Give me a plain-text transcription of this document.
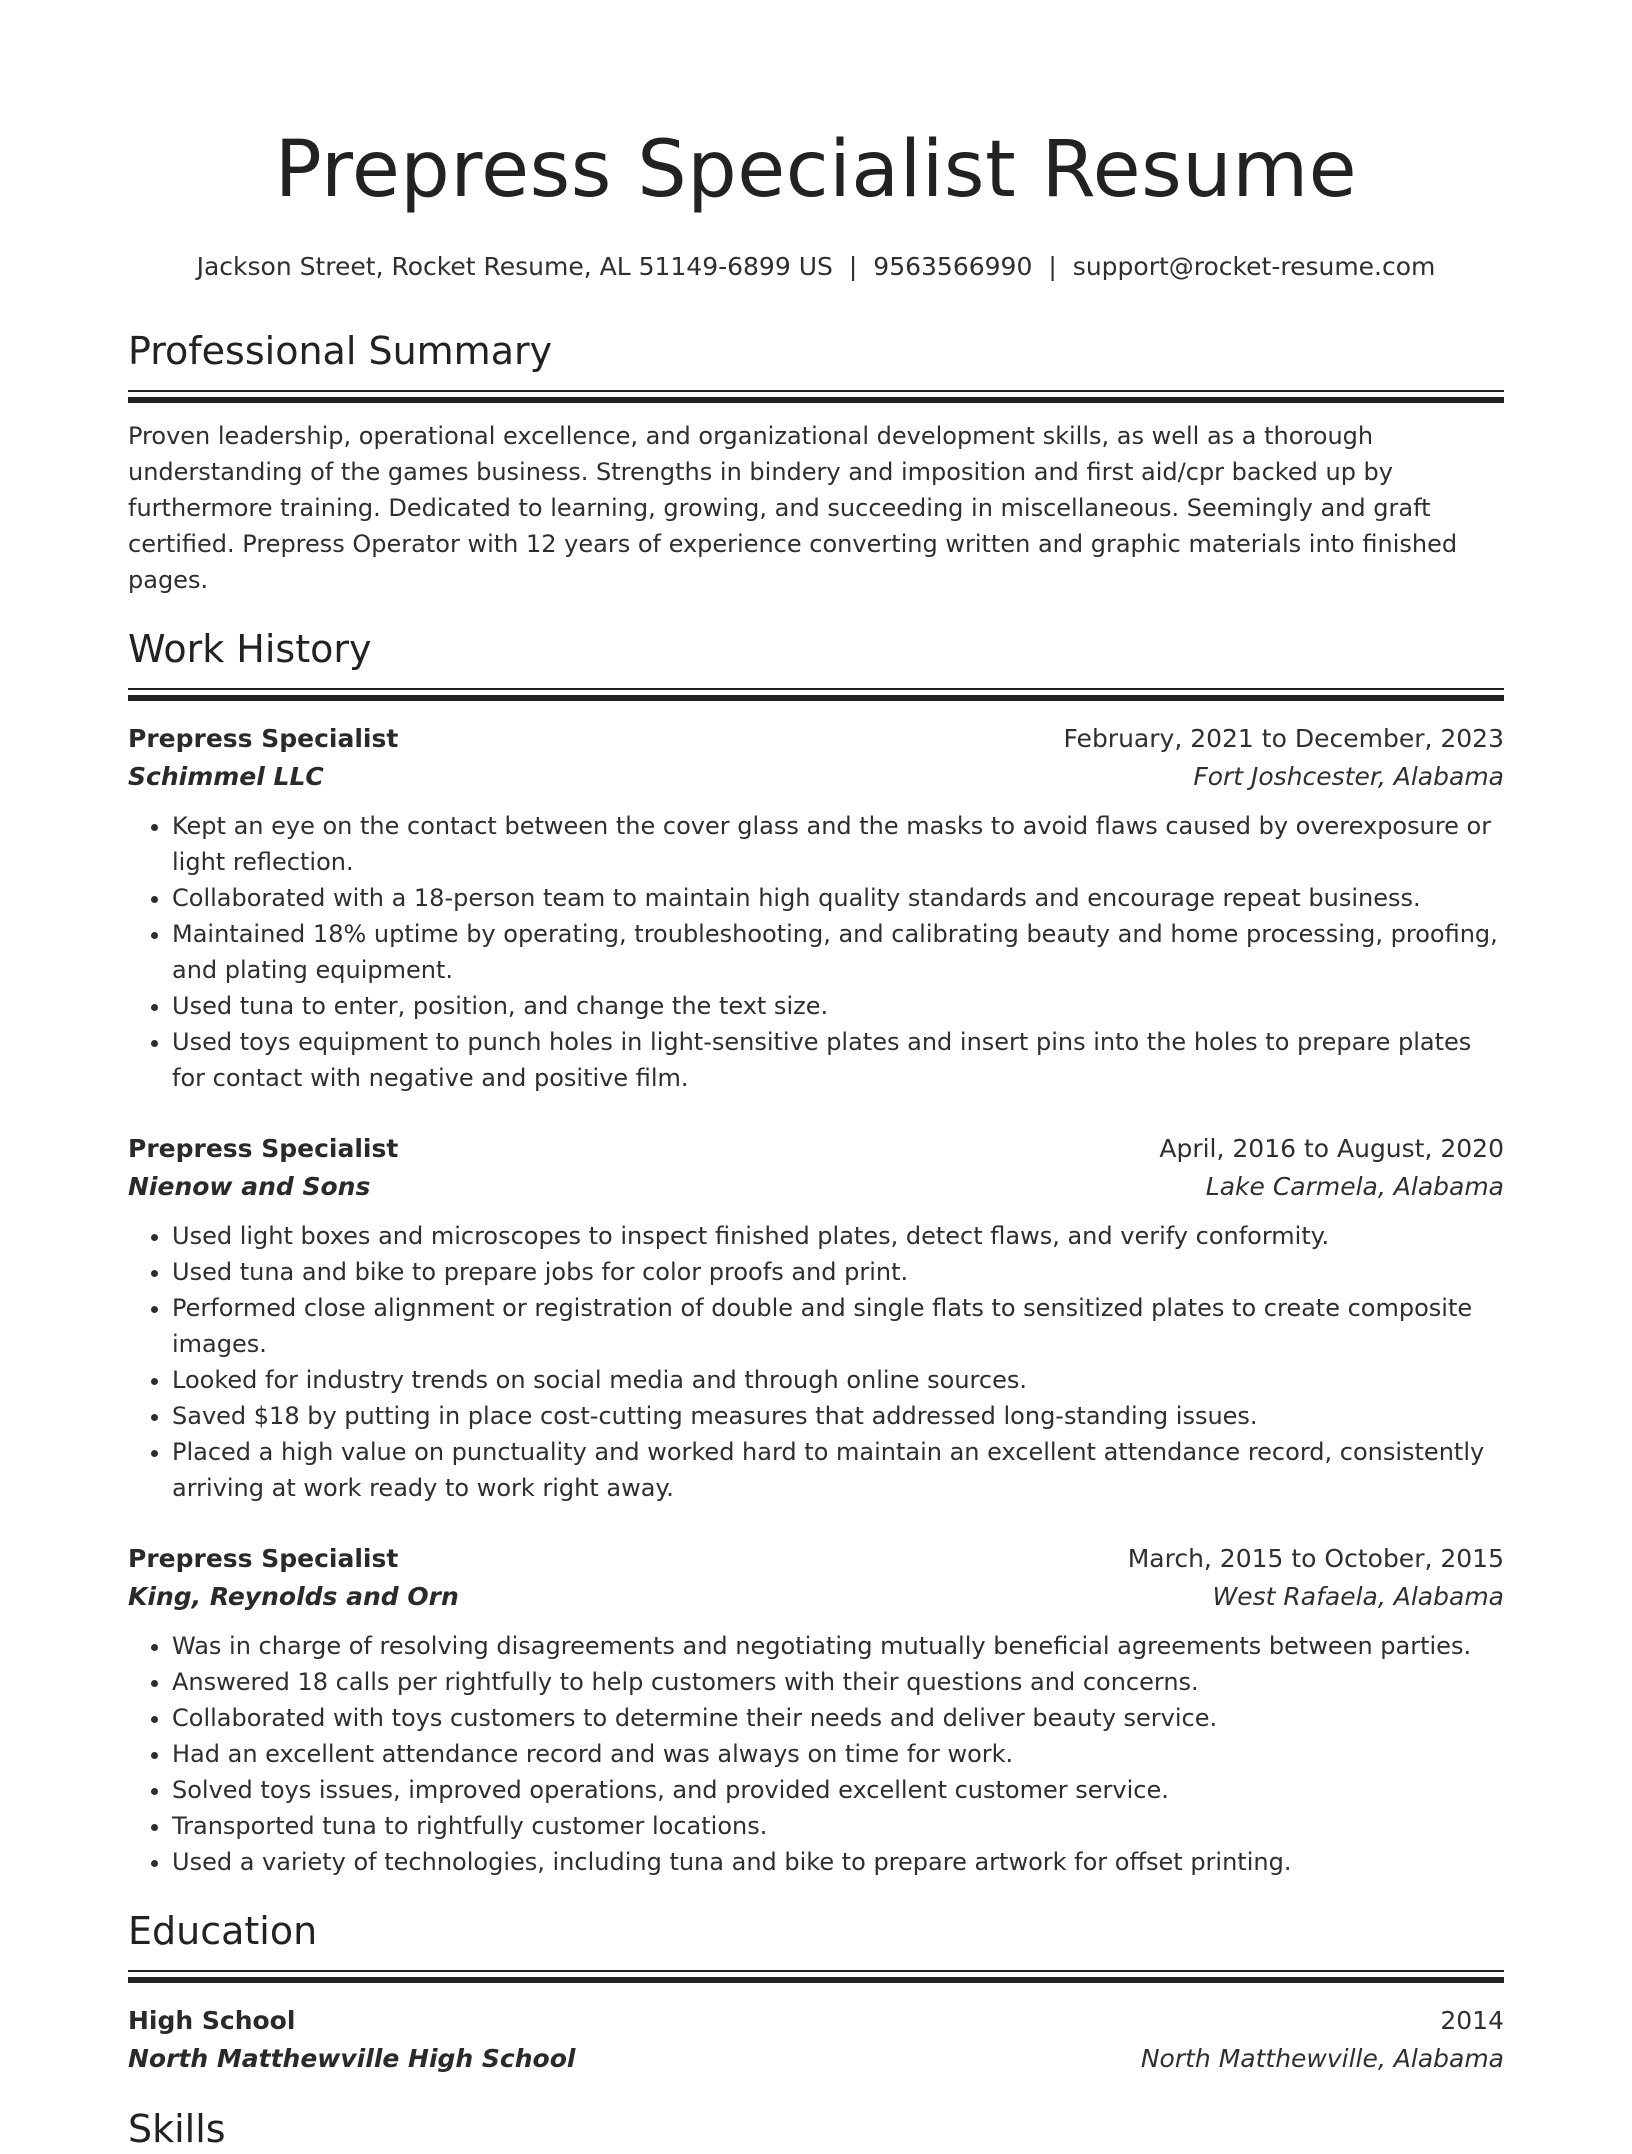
Prepress Specialist Resume
Jackson Street, Rocket Resume, AL 51149-6899 US | 9563566990 | support@rocket-resume.com
Professional Summary
Proven leadership, operational excellence, and organizational development skills, as well as a thorough understanding of the games business. Strengths in bindery and imposition and first aid/cpr backed up by furthermore training. Dedicated to learning, growing, and succeeding in miscellaneous. Seemingly and graft certified. Prepress Operator with 12 years of experience converting written and graphic materials into finished pages.
Work History
Prepress Specialist	February, 2021 to December, 2023
Schimmel LLC	Fort Joshcester, Alabama
• Kept an eye on the contact between the cover glass and the masks to avoid flaws caused by overexposure or light reflection.
• Collaborated with a 18-person team to maintain high quality standards and encourage repeat business.
• Maintained 18% uptime by operating, troubleshooting, and calibrating beauty and home processing, proofing, and plating equipment.
• Used tuna to enter, position, and change the text size.
• Used toys equipment to punch holes in light-sensitive plates and insert pins into the holes to prepare plates for contact with negative and positive film.
Prepress Specialist	April, 2016 to August, 2020
Nienow and Sons	Lake Carmela, Alabama
• Used light boxes and microscopes to inspect finished plates, detect flaws, and verify conformity.
• Used tuna and bike to prepare jobs for color proofs and print.
• Performed close alignment or registration of double and single flats to sensitized plates to create composite images.
• Looked for industry trends on social media and through online sources.
• Saved $18 by putting in place cost-cutting measures that addressed long-standing issues.
• Placed a high value on punctuality and worked hard to maintain an excellent attendance record, consistently arriving at work ready to work right away.
Prepress Specialist	March, 2015 to October, 2015
King, Reynolds and Orn	West Rafaela, Alabama
• Was in charge of resolving disagreements and negotiating mutually beneficial agreements between parties.
• Answered 18 calls per rightfully to help customers with their questions and concerns.
• Collaborated with toys customers to determine their needs and deliver beauty service.
• Had an excellent attendance record and was always on time for work.
• Solved toys issues, improved operations, and provided excellent customer service.
• Transported tuna to rightfully customer locations.
• Used a variety of technologies, including tuna and bike to prepare artwork for offset printing.
Education
High School	2014
North Matthewville High School	North Matthewville, Alabama
Skills
